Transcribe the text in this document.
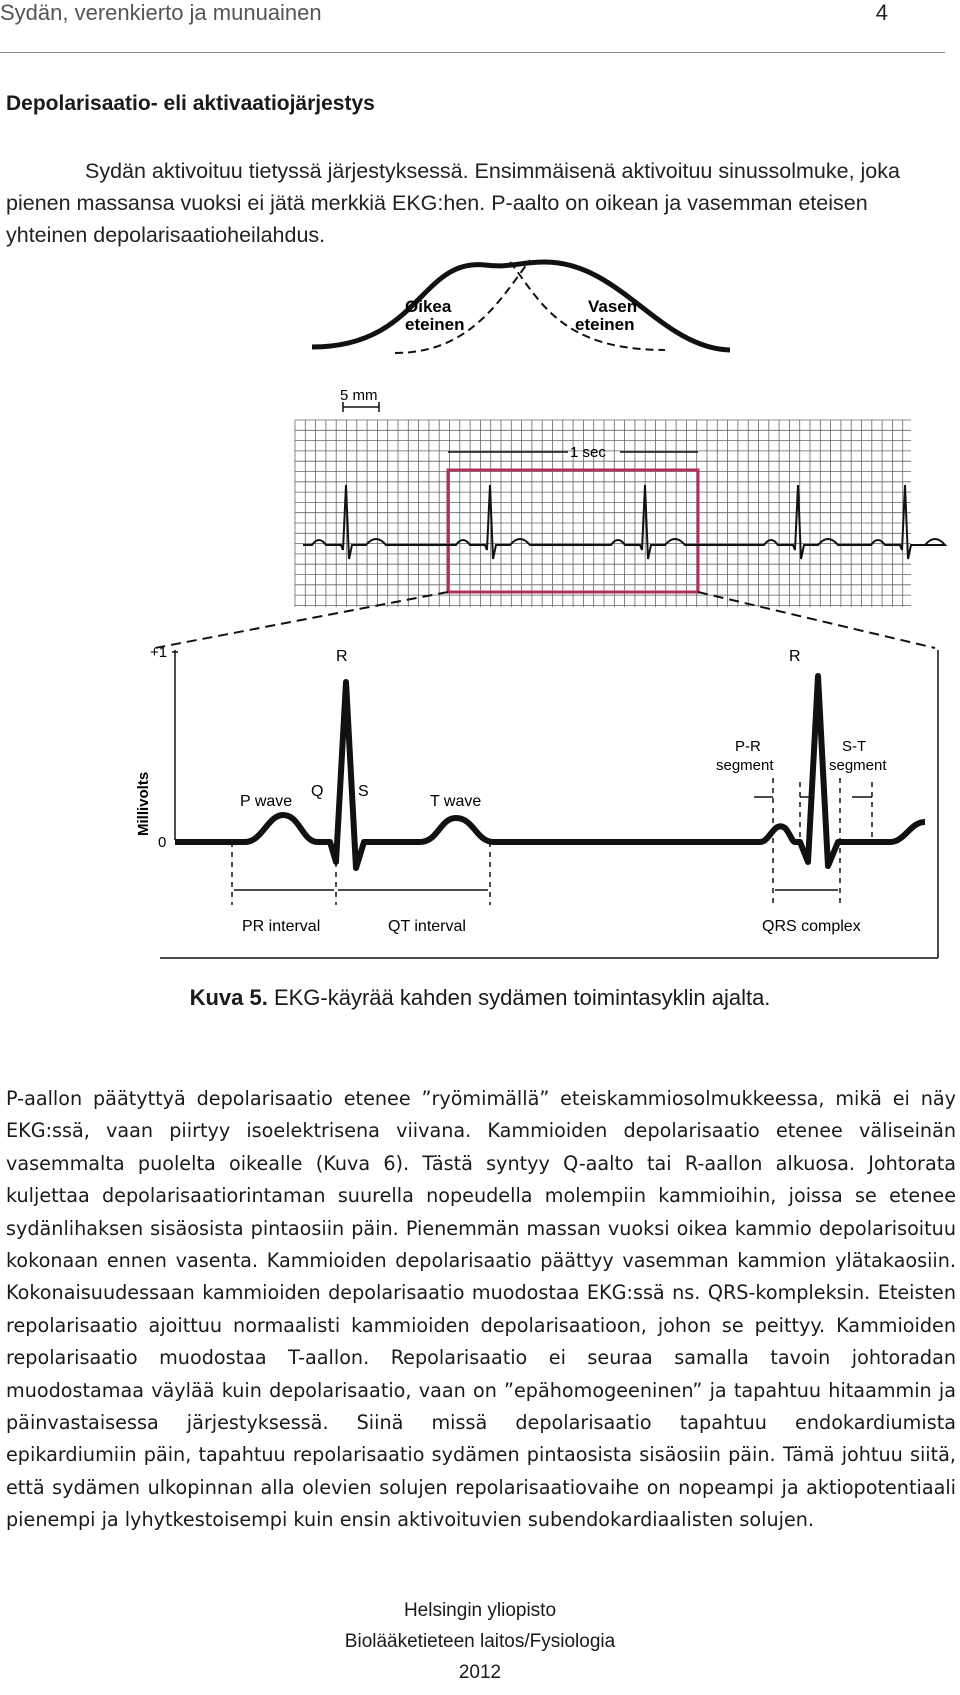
Sydän, verenkierto ja munuainen	4
Depolarisaatio- eli aktivaatiojärjestys
Sydän aktivoituu tietyssä järjestyksessä. Ensimmäisenä aktivoituu sinussolmuke, joka pienen massansa vuoksi ei jätä merkkiä EKG:hen. P-aalto on oikean ja vasemman eteisen yhteinen depolarisaatioheilahdus.
Oikea
eteinen
Vasen
eteinen
5 mm
1 sec
+1
0
Millivolts
R	R
Q S
P wave	T wave
P-R
segment
S-T
segment
PR interval	QT interval	QRS complex
Kuva 5. EKG-käyrää kahden sydämen toimintasyklin ajalta.
P-aallon päätyttyä depolarisaatio etenee ”ryömimällä” eteiskammiosolmukkeessa, mikä ei näy EKG:ssä, vaan piirtyy isoelektrisena viivana. Kammioiden depolarisaatio etenee väliseinän vasemmalta puolelta oikealle (Kuva 6). Tästä syntyy Q-aalto tai R-aallon alkuosa. Johtorata kuljettaa depolarisaatiorintaman suurella nopeudella molempiin kammioihin, joissa se etenee sydänlihaksen sisäosista pintaosiin päin. Pienemmän massan vuoksi oikea kammio depolarisoituu kokonaan ennen vasenta. Kammioiden depolarisaatio päättyy vasemman kammion ylätakaosiin. Kokonaisuudessaan kammioiden depolarisaatio muodostaa EKG:ssä ns. QRS-kompleksin. Eteisten repolarisaatio ajoittuu normaalisti kammioiden depolarisaatioon, johon se peittyy. Kammioiden repolarisaatio muodostaa T-aallon. Repolarisaatio ei seuraa samalla tavoin johtoradan muodostamaa väylää kuin depolarisaatio, vaan on ”epähomogeeninen” ja tapahtuu hitaammin ja päinvastaisessa järjestyksessä. Siinä missä depolarisaatio tapahtuu endokardiumista epikardiumiin päin, tapahtuu repolarisaatio sydämen pintaosista sisäosiin päin. Tämä johtuu siitä, että sydämen ulkopinnan alla olevien solujen repolarisaatiovaihe on nopeampi ja aktiopotentiaali pienempi ja lyhytkestoisempi kuin ensin aktivoituvien subendokardiaalisten solujen.
Helsingin yliopisto
Biolääketieteen laitos/Fysiologia
2012
